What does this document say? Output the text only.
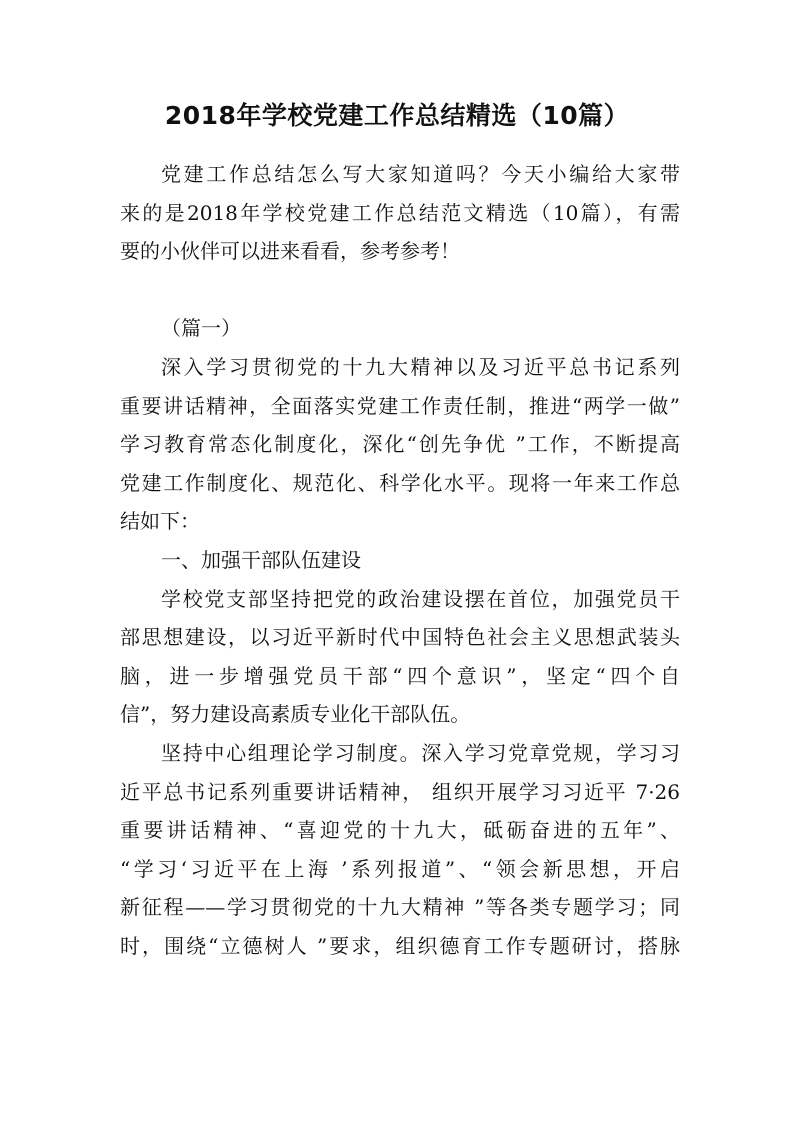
2018年学校党建工作总结精选（10篇）
党建工作总结怎么写大家知道吗？今天小编给大家带
来的是2018年学校党建工作总结范文精选（10篇），有需
要的小伙伴可以进来看看，参考参考！
（篇一）
深入学习贯彻党的十九大精神以及习近平总书记系列
重要讲话精神，全面落实党建工作责任制，推进“两学一做”
学习教育常态化制度化，深化“创先争优 ”工作，不断提高
党建工作制度化、规范化、科学化水平。现将一年来工作总
结如下：
一、加强干部队伍建设
学校党支部坚持把党的政治建设摆在首位，加强党员干
部思想建设，以习近平新时代中国特色社会主义思想武装头
脑，进一步增强党员干部“四个意识”，坚定“四个自
信”，努力建设高素质专业化干部队伍。
坚持中心组理论学习制度。深入学习党章党规，学习习
近平总书记系列重要讲话精神， 组织开展学习习近平 7·26
重要讲话精神、“喜迎党的十九大，砥砺奋进的五年”、
“学习‘习近平在上海 ’系列报道”、“领会新思想，开启
新征程——学习贯彻党的十九大精神 ”等各类专题学习；同
时，围绕“立德树人 ”要求，组织德育工作专题研讨，搭脉
